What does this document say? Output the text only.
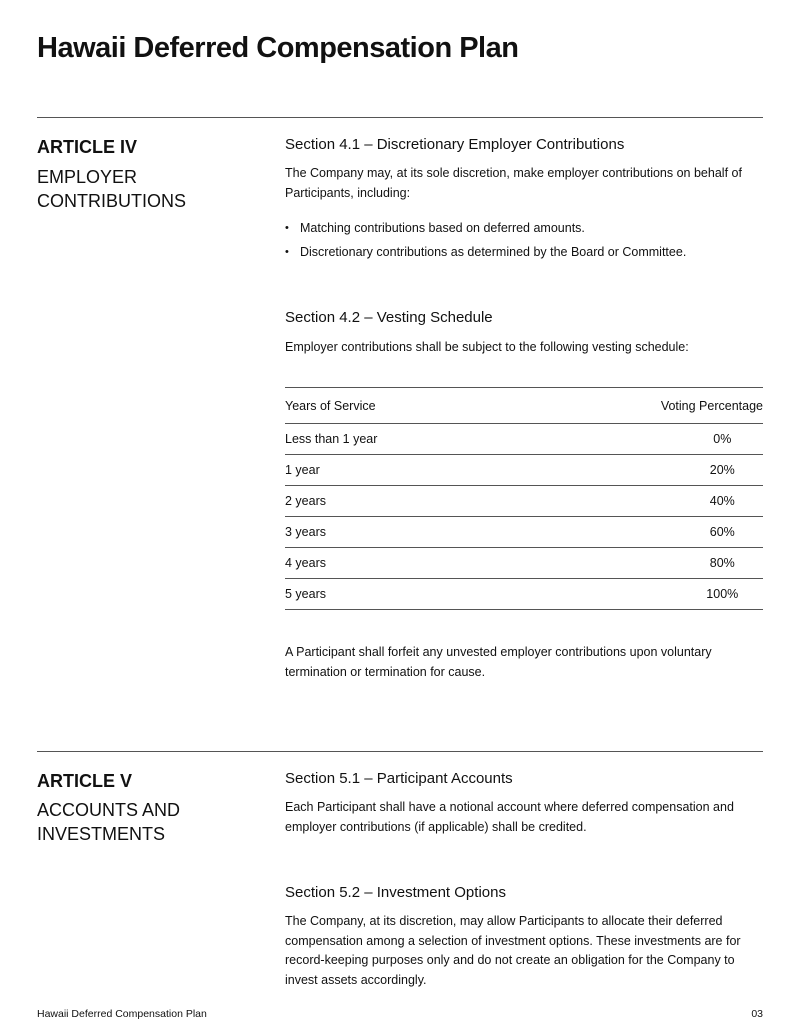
Hawaii Deferred Compensation Plan
ARTICLE IV
EMPLOYER CONTRIBUTIONS
Section 4.1 – Discretionary Employer Contributions

The Company may, at its sole discretion, make employer contributions on behalf of Participants, including:

• Matching contributions based on deferred amounts.
• Discretionary contributions as determined by the Board or Committee.
Section 4.2 – Vesting Schedule

Employer contributions shall be subject to the following vesting schedule:

Years of Service	Voting Percentage
Less than 1 year	0%
1 year	20%
2 years	40%
3 years	60%
4 years	80%
5 years	100%

A Participant shall forfeit any unvested employer contributions upon voluntary termination or termination for cause.

ARTICLE V
ACCOUNTS AND INVESTMENTS
Section 5.1 – Participant Accounts

Each Participant shall have a notional account where deferred compensation and employer contributions (if applicable) shall be credited.

Section 5.2 – Investment Options

The Company, at its discretion, may allow Participants to allocate their deferred compensation among a selection of investment options. These investments are for record-keeping purposes only and do not create an obligation for the Company to invest assets accordingly.

Hawaii Deferred Compensation Plan	03
